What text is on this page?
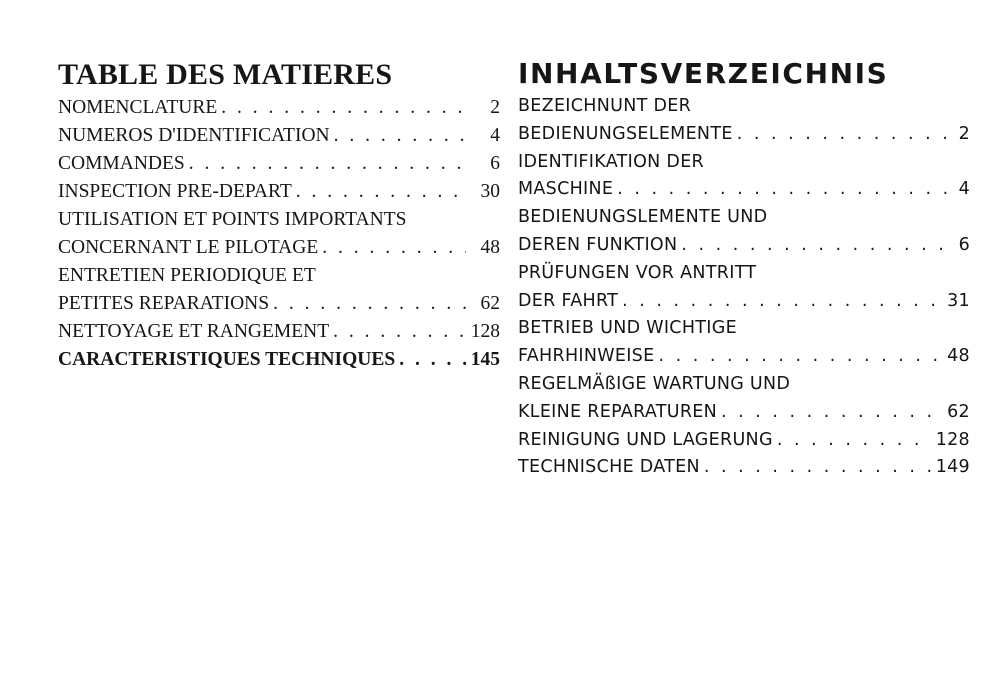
TABLE DES MATIERES
NOMENCLATURE . . .	2
NUMEROS D'IDENTIFICATION . . .	4
COMMANDES . . .	6
INSPECTION PRE-DEPART . . .	30
UTILISATION ET POINTS IMPORTANTS
CONCERNANT LE PILOTAGE . . .	48
ENTRETIEN PERIODIQUE ET
PETITES REPARATIONS . . .	62
NETTOYAGE ET RANGEMENT . . .	128
CARACTERISTIQUES TECHNIQUES . . .	145
INHALTSVERZEICHNIS
BEZEICHNUNT DER
BEDIENUNGSELEMENTE . . .	2
IDENTIFIKATION DER
MASCHINE . . .	4
BEDIENUNGSLEMENTE UND
DEREN FUNKTION . . .	6
PRÜFUNGEN VOR ANTRITT
DER FAHRT . . .	31
BETRIEB UND WICHTIGE
FAHRHINWEISE . . .	48
REGELMÄßIGE WARTUNG UND
KLEINE REPARATUREN . . .	62
REINIGUNG UND LAGERUNG . . .	128
TECHNISCHE DATEN . . .	149
